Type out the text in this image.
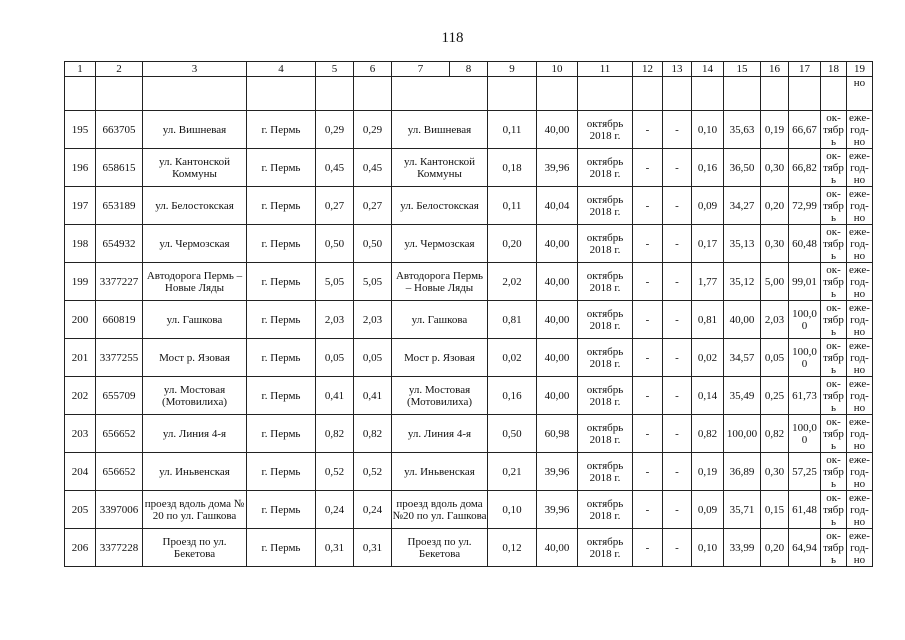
118
1	2	3	4	5	6	7	8	9	10	11	12	13	14	15	16	17	18	19
																		но
195	663705	ул. Вишневая	г. Пермь	0,29	0,29	ул. Вишневая		0,11	40,00	октябрь 2018 г.	-	-	0,10	35,63	0,19	66,67	ок- тябрь	еже- год- но
196	658615	ул. Кантонской Коммуны	г. Пермь	0,45	0,45	ул. Кантонской Коммуны		0,18	39,96	октябрь 2018 г.	-	-	0,16	36,50	0,30	66,82	ок- тябрь	еже- год- но
197	653189	ул. Белостокская	г. Пермь	0,27	0,27	ул. Белостокская		0,11	40,04	октябрь 2018 г.	-	-	0,09	34,27	0,20	72,99	ок- тябрь	еже- год- но
198	654932	ул. Чермозская	г. Пермь	0,50	0,50	ул. Чермозская		0,20	40,00	октябрь 2018 г.	-	-	0,17	35,13	0,30	60,48	ок- тябрь	еже- год- но
199	3377227	Автодорога Пермь – Новые Ляды	г. Пермь	5,05	5,05	Автодорога Пермь – Новые Ляды		2,02	40,00	октябрь 2018 г.	-	-	1,77	35,12	5,00	99,01	ок- тябрь	еже- год- но
200	660819	ул. Гашкова	г. Пермь	2,03	2,03	ул. Гашкова		0,81	40,00	октябрь 2018 г.	-	-	0,81	40,00	2,03	100,0 0	ок- тябрь	еже- год- но
201	3377255	Мост р. Язовая	г. Пермь	0,05	0,05	Мост р. Язовая		0,02	40,00	октябрь 2018 г.	-	-	0,02	34,57	0,05	100,0 0	ок- тябрь	еже- год- но
202	655709	ул. Мостовая (Мотовилиха)	г. Пермь	0,41	0,41	ул. Мостовая (Мотовилиха)		0,16	40,00	октябрь 2018 г.	-	-	0,14	35,49	0,25	61,73	ок- тябрь	еже- год- но
203	656652	ул. Линия 4-я	г. Пермь	0,82	0,82	ул. Линия 4-я		0,50	60,98	октябрь 2018 г.	-	-	0,82	100,00	0,82	100,0 0	ок- тябрь	еже- год- но
204	656652	ул. Иньвенская	г. Пермь	0,52	0,52	ул. Иньвенская		0,21	39,96	октябрь 2018 г.	-	-	0,19	36,89	0,30	57,25	ок- тябрь	еже- год- но
205	3397006	проезд вдоль дома № 20 по ул. Гашкова	г. Пермь	0,24	0,24	проезд вдоль дома №20 по ул. Гашкова		0,10	39,96	октябрь 2018 г.	-	-	0,09	35,71	0,15	61,48	ок- тябрь	еже- год- но
206	3377228	Проезд по ул. Бекетова	г. Пермь	0,31	0,31	Проезд по ул. Бекетова		0,12	40,00	октябрь 2018 г.	-	-	0,10	33,99	0,20	64,94	ок- тябрь	еже- год- но
